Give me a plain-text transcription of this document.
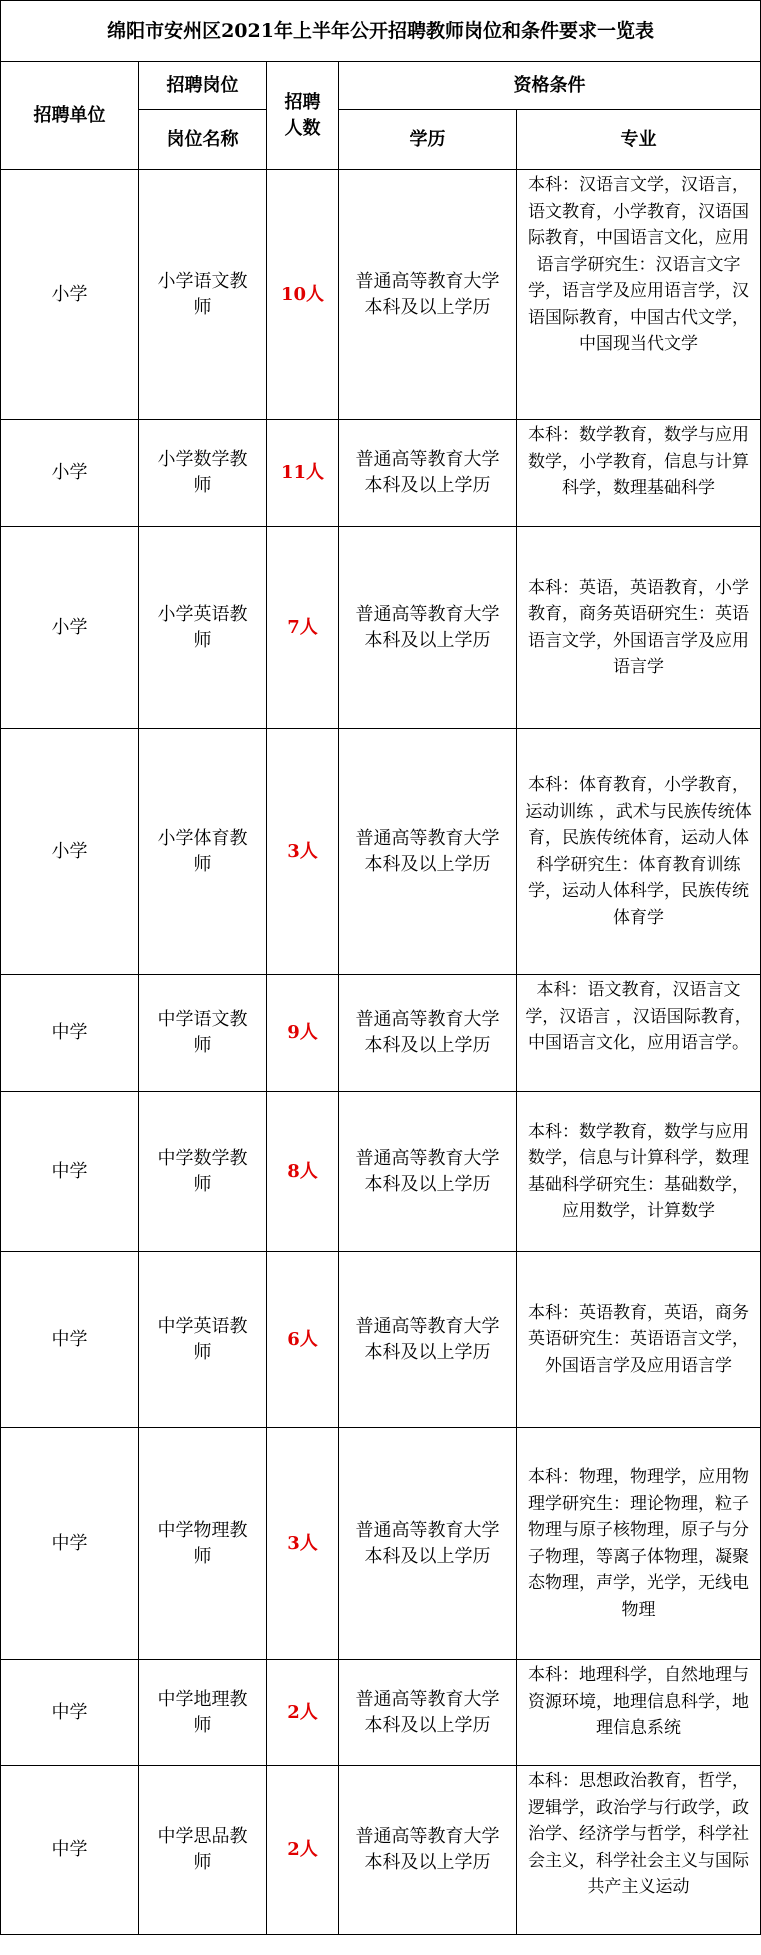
绵阳市安州区2021年上半年公开招聘教师岗位和条件要求一览表				
招聘单位	招聘岗位	招聘人数	资格条件	
	岗位名称		学历	专业
小学	小学语文教师	10人	普通高等教育大学本科及以上学历	本科：汉语言文学，汉语言，语文教育，小学教育，汉语国际教育，中国语言文化，应用语言学研究生：汉语言文字学，语言学及应用语言学，汉语国际教育，中国古代文学，中国现当代文学

小学	小学数学教师	11人	普通高等教育大学本科及以上学历	本科：数学教育，数学与应用数学，小学教育，信息与计算科学，数理基础科学

小学	小学英语教师	7人	普通高等教育大学本科及以上学历	本科：英语，英语教育，小学教育，商务英语研究生：英语语言文学，外国语言学及应用语言学

小学	小学体育教师	3人	普通高等教育大学本科及以上学历	本科：体育教育，小学教育，运动训练 ，武术与民族传统体育，民族传统体育，运动人体科学研究生：体育教育训练学，运动人体科学，民族传统体育学

中学	中学语文教师	9人	普通高等教育大学本科及以上学历	本科：语文教育，汉语言文学，汉语言 ，汉语国际教育，中国语言文化，应用语言学。

中学	中学数学教师	8人	普通高等教育大学本科及以上学历	本科：数学教育，数学与应用数学，信息与计算科学，数理基础科学研究生：基础数学，应用数学，计算数学

中学	中学英语教师	6人	普通高等教育大学本科及以上学历	本科：英语教育，英语，商务英语研究生：英语语言文学，外国语言学及应用语言学

中学	中学物理教师	3人	普通高等教育大学本科及以上学历	本科：物理，物理学，应用物理学研究生：理论物理，粒子物理与原子核物理，原子与分子物理，等离子体物理，凝聚态物理，声学，光学，无线电物理

中学	中学地理教师	2人	普通高等教育大学本科及以上学历	本科：地理科学，自然地理与资源环境，地理信息科学，地理信息系统

中学	中学思品教师	2人	普通高等教育大学本科及以上学历	本科：思想政治教育，哲学，逻辑学，政治学与行政学，政治学、经济学与哲学，科学社会主义，科学社会主义与国际共产主义运动
